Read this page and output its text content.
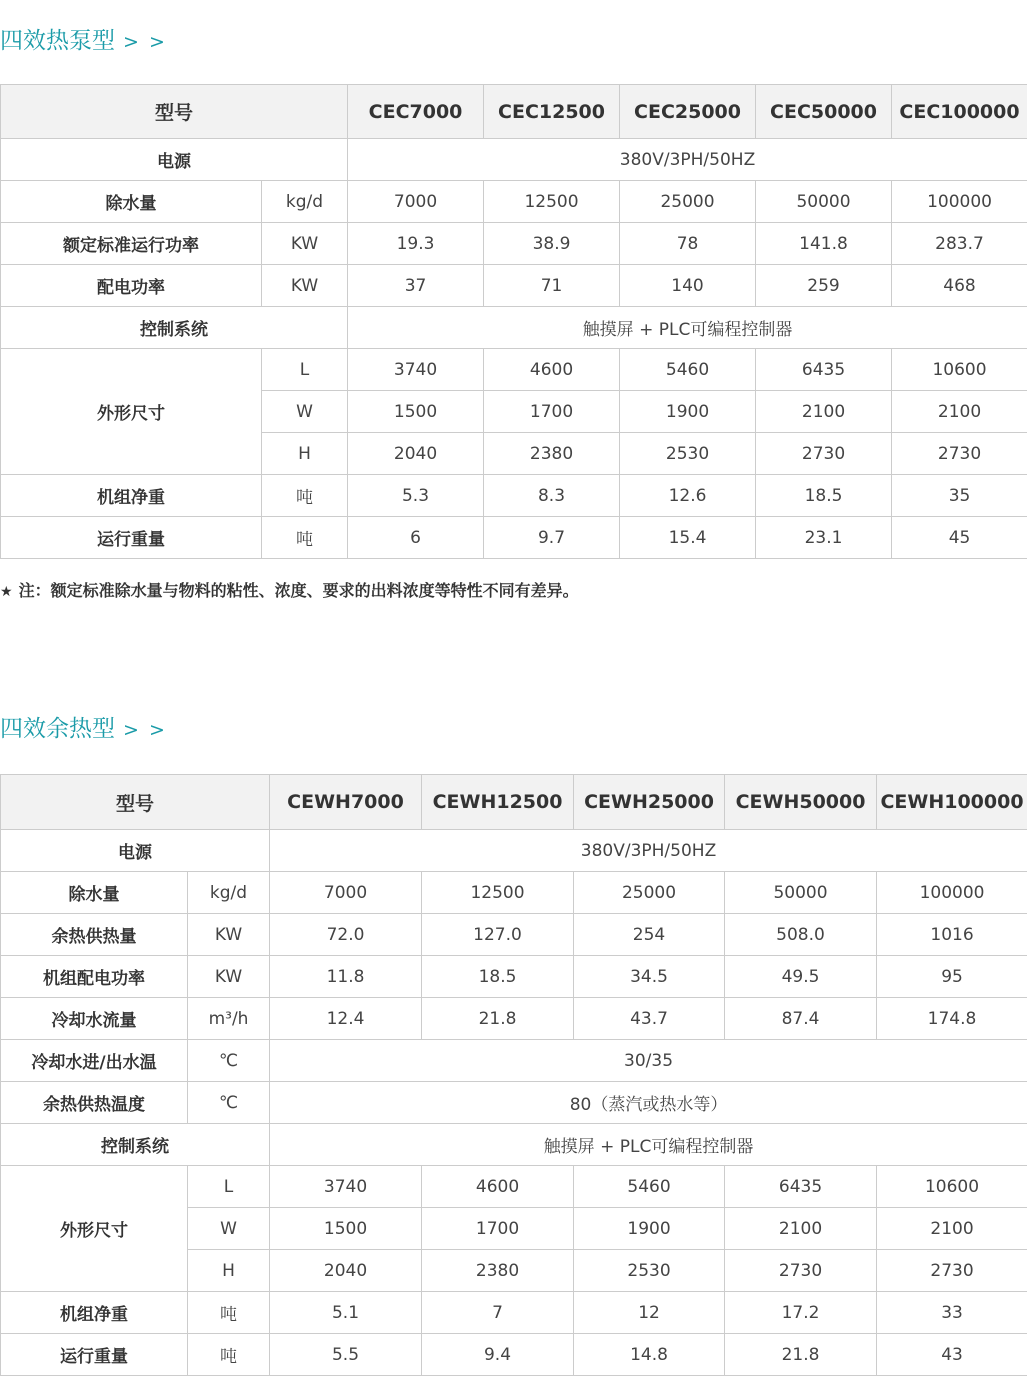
四效热泵型 > >
型号		CEC7000	CEC12500	CEC25000	CEC50000	CEC100000
电源		380V/3PH/50HZ				
除水量	kg/d	7000	12500	25000	50000	100000
额定标准运行功率	KW	19.3	38.9	78	141.8	283.7
配电功率	KW	37	71	140	259	468
控制系统		触摸屏 + PLC可编程控制器				
外形尺寸	L	3740	4600	5460	6435	10600
	W	1500	1700	1900	2100	2100
	H	2040	2380	2530	2730	2730
机组净重	吨	5.3	8.3	12.6	18.5	35
运行重量	吨	6	9.7	15.4	23.1	45
★ 注：额定标准除水量与物料的粘性、浓度、要求的出料浓度等特性不同有差异。
四效余热型 > >
型号		CEWH7000	CEWH12500	CEWH25000	CEWH50000	CEWH100000
电源		380V/3PH/50HZ				
除水量	kg/d	7000	12500	25000	50000	100000
余热供热量	KW	72.0	127.0	254	508.0	1016
机组配电功率	KW	11.8	18.5	34.5	49.5	95
冷却水流量	m³/h	12.4	21.8	43.7	87.4	174.8
冷却水进/出水温	℃	30/35				
余热供热温度	℃	80（蒸汽或热水等）				
控制系统		触摸屏 + PLC可编程控制器				
外形尺寸	L	3740	4600	5460	6435	10600
	W	1500	1700	1900	2100	2100
	H	2040	2380	2530	2730	2730
机组净重	吨	5.1	7	12	17.2	33
运行重量	吨	5.5	9.4	14.8	21.8	43
